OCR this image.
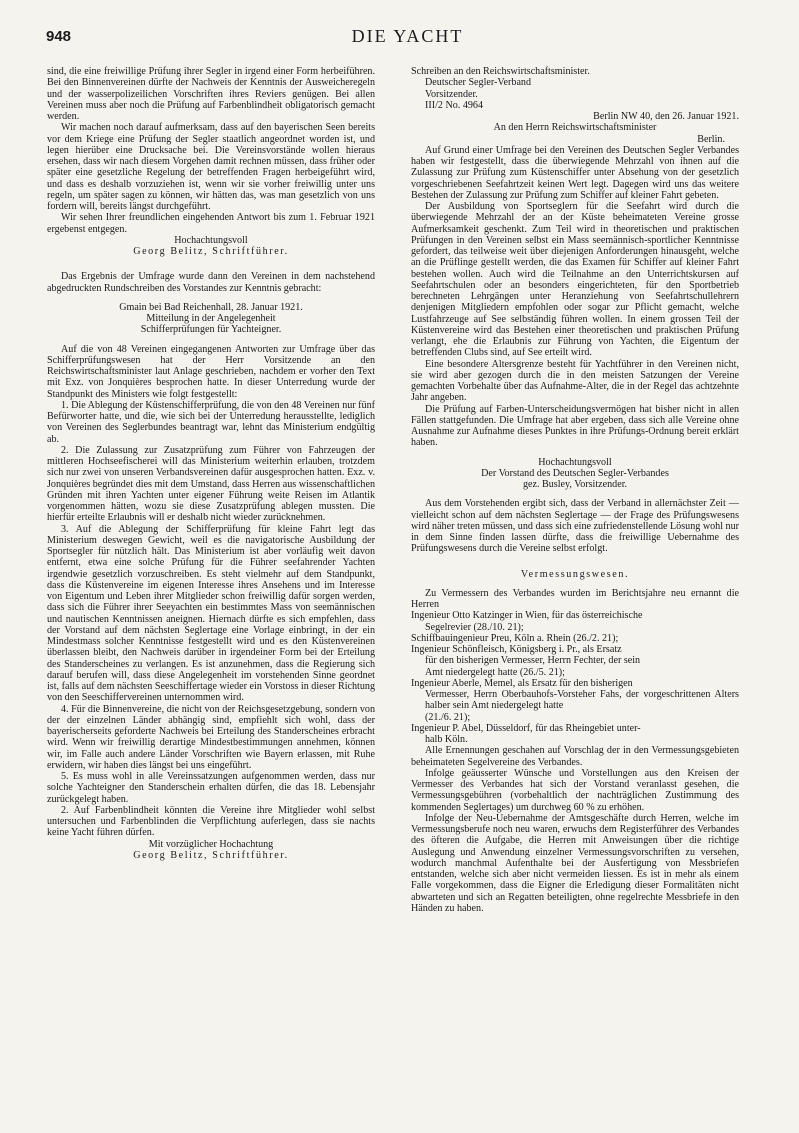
948	DIE YACHT

sind, die eine freiwillige Prüfung ihrer Segler in irgend einer Form herbeiführen. Bei den Binnenvereinen dürfte der Nachweis der Kenntnis der Ausweicheregeln und der wasserpolizeilichen Vorschriften ihres Reviers genügen. Bei allen Vereinen muss aber noch die Prüfung auf Farbenblindheit obligatorisch gemacht werden.

Wir machen noch darauf aufmerksam, dass auf den bayerischen Seen bereits vor dem Kriege eine Prüfung der Segler staatlich angeordnet worden ist, und legen hierüber eine Drucksache bei. Die Vereinsvorstände wollen hieraus ersehen, dass wir nach diesem Vorgehen damit rechnen müssen, dass früher oder später eine gesetzliche Regelung der betreffenden Fragen herbeigeführt wird, und dass es deshalb vorzuziehen ist, wenn wir sie vorher freiwillig unter uns regeln, um später sagen zu können, wir hätten das, was man gesetzlich von uns fordern will, bereits längst durchgeführt.

Wir sehen Ihrer freundlichen eingehenden Antwort bis zum 1. Februar 1921 ergebenst entgegen.

Hochachtungsvoll
Georg Belitz, Schriftführer.

Das Ergebnis der Umfrage wurde dann den Vereinen in dem nachstehend abgedruckten Rundschreiben des Vorstandes zur Kenntnis gebracht:

Gmain bei Bad Reichenhall, 28. Januar 1921.
Mitteilung in der Angelegenheit
Schifferprüfungen für Yachteigner.

Auf die von 48 Vereinen eingegangenen Antworten zur Umfrage über das Schifferprüfungswesen hat der Herr Vorsitzende an den Reichswirtschaftsminister laut Anlage geschrieben, nachdem er vorher den Text mit Exz. von Jonquières besprochen hatte. In dieser Unterredung wurde der Standpunkt des Ministers wie folgt festgestellt:

1. Die Ablegung der Küstenschifferprüfung, die von den 48 Vereinen nur fünf Befürworter hatte, und die, wie sich bei der Unterredung herausstellte, lediglich von Vereinen des Seglerbundes beantragt war, lehnt das Ministerium endgültig ab.

2. Die Zulassung zur Zusatzprüfung zum Führer von Fahrzeugen der mittleren Hochseefischerei will das Ministerium weiterhin erlauben, trotzdem sich nur zwei von unseren Verbandsvereinen dafür ausgesprochen hatten. Exz. v. Jonquières begründet dies mit dem Umstand, dass Herren aus wissenschaftlichen Gründen mit ihren Yachten unter eigener Führung weite Reisen im Atlantik vorgenommen hätten, wozu sie diese Zusatzprüfung ablegen mussten. Die hierfür erteilte Erlaubnis will er deshalb nicht wieder zurücknehmen.

3. Auf die Ablegung der Schifferprüfung für kleine Fahrt legt das Ministerium deswegen Gewicht, weil es die navigatorische Ausbildung der Sportsegler für nützlich hält. Das Ministerium ist aber vorläufig weit davon entfernt, etwa eine solche Prüfung für die Führer seefahrender Yachten irgendwie gesetzlich vorzuschreiben. Es steht vielmehr auf dem Standpunkt, dass die Küstenvereine im eigenen Interesse ihres Ansehens und im Interesse von Eigentum und Leben ihrer Mitglieder schon freiwillig dafür sorgen werden, dass sich die Führer ihrer Seeyachten ein bestimmtes Mass von seemännischen und nautischen Kenntnissen aneignen. Hiernach dürfte es sich empfehlen, dass der Vorstand auf dem nächsten Seglertage eine Vorlage einbringt, in der ein Mindestmass solcher Kenntnisse festgestellt wird und es den Küstenvereinen überlassen bleibt, den Nachweis darüber in irgendeiner Form bei der Erteilung des Standerscheines zu verlangen. Es ist anzunehmen, dass die Regierung sich darauf berufen will, dass diese Angelegenheit im vorstehenden Sinne geordnet ist, falls auf dem nächsten Seeschiffertage wieder ein Vorstoss in dieser Richtung von den Seeschiffervereinen unternommen wird.

4. Für die Binnenvereine, die nicht von der Reichsgesetzgebung, sondern von der der einzelnen Länder abhängig sind, empfiehlt sich wohl, dass der bayerischerseits geforderte Nachweis bei Erteilung des Standerscheines erbracht wird. Wenn wir freiwillig derartige Mindestbestimmungen annehmen, können wir, im Falle auch andere Länder Vorschriften wie Bayern erlassen, mit Ruhe erwidern, wir haben dies längst bei uns eingeführt.

5. Es muss wohl in alle Vereinssatzungen aufgenommen werden, dass nur solche Yachteigner den Standerschein erhalten dürfen, die das 18. Lebensjahr zurückgelegt haben.

2. Auf Farbenblindheit könnten die Vereine ihre Mitglieder wohl selbst untersuchen und Farbenblinden die Verpflichtung auferlegen, dass sie nachts keine Yacht führen dürfen.

Mit vorzüglicher Hochachtung
Georg Belitz, Schriftführer.
Schreiben an den Reichswirtschaftsminister.
Deutscher Segler-Verband
Vorsitzender.
III/2 No. 4964
Berlin NW 40, den 26. Januar 1921.
An den Herrn Reichswirtschaftsminister
Berlin.

Auf Grund einer Umfrage bei den Vereinen des Deutschen Segler Verbandes haben wir festgestellt, dass die überwiegende Mehrzahl von ihnen auf die Zulassung zur Prüfung zum Küstenschiffer unter Absehung von der gesetzlich vorgeschriebenen Seefahrtzeit keinen Wert legt. Dagegen wird uns das weitere Bestehen der Zulassung zur Prüfung zum Schiffer auf kleiner Fahrt gebeten.

Der Ausbildung von Sportseglern für die Seefahrt wird durch die überwiegende Mehrzahl der an der Küste beheimateten Vereine grosse Aufmerksamkeit geschenkt. Zum Teil wird in theoretischen und praktischen Prüfungen in den Vereinen selbst ein Mass seemännisch-sportlicher Kenntnisse gefordert, das teilweise weit über diejenigen Anforderungen hinausgeht, welche an die Prüflinge gestellt werden, die das Examen für Schiffer auf kleiner Fahrt bestehen wollen. Auch wird die Teilnahme an den Unterrichtskursen auf Seefahrtschulen oder an besonders eingerichteten, für den Sportbetrieb berechneten Lehrgängen unter Heranziehung von Seefahrtschullehrern denjenigen Mitgliedern empfohlen oder sogar zur Pflicht gemacht, welche Lustfahrzeuge auf See selbständig führen wollen. In einem grossen Teil der Küstenvereine wird das Bestehen einer theoretischen und praktischen Prüfung verlangt, ehe die Erlaubnis zur Führung von Yachten, die Eigentum der betreffenden Clubs sind, auf See erteilt wird.

Eine besondere Altersgrenze besteht für Yachtführer in den Vereinen nicht, sie wird aber gezogen durch die in den meisten Satzungen der Vereine gemachten Vorbehalte über das Aufnahme-Alter, die in der Regel das achtzehnte Jahr angeben.

Die Prüfung auf Farben-Unterscheidungsvermögen hat bisher nicht in allen Fällen stattgefunden. Die Umfrage hat aber ergeben, dass sich alle Vereine ohne Ausnahme zur Aufnahme dieses Punktes in ihre Prüfungs-Ordnung bereit erklärt haben.

Hochachtungsvoll
Der Vorstand des Deutschen Segler-Verbandes
gez. Busley, Vorsitzender.

Aus dem Vorstehenden ergibt sich, dass der Verband in allernächster Zeit — vielleicht schon auf dem nächsten Seglertage — der Frage des Prüfungswesens wird näher treten müssen, und dass sich eine zufriedenstellende Lösung wohl nur in dem Sinne finden lassen dürfte, dass die freiwillige Uebernahme des Prüfungswesens durch die Vereine selbst erfolgt.

Vermessungswesen.

Zu Vermessern des Verbandes wurden im Berichtsjahre neu ernannt die Herren

Ingenieur Otto Katzinger in Wien, für das österreichische
Segelrevier (28./10. 21);
Schiffbauingenieur Preu, Köln a. Rhein (26./2. 21);
Ingenieur Schönfleisch, Königsberg i. Pr., als Ersatz
für den bisherigen Vermesser, Herrn Fechter, der sein
Amt niedergelegt hatte (26./5. 21);
Ingenieur Aberle, Memel, als Ersatz für den bisherigen

Vermesser, Herrn Oberbauhofs-Vorsteher Fahs, der vorgeschrittenen Alters halber sein Amt niedergelegt hatte

(21./6. 21);
Ingenieur P. Abel, Düsseldorf, für das Rheingebiet unter-
halb Köln.

Alle Ernennungen geschahen auf Vorschlag der in den Vermessungsgebieten beheimateten Segelvereine des Verbandes.

Infolge geäusserter Wünsche und Vorstellungen aus den Kreisen der Vermesser des Verbandes hat sich der Vorstand veranlasst gesehen, die Vermessungsgebühren (vorbehaltlich der nachträglichen Zustimmung des kommenden Seglertages) um durchweg 60 % zu erhöhen.

Infolge der Neu-Uebernahme der Amtsgeschäfte durch Herren, welche im Vermessungsberufe noch neu waren, erwuchs dem Registerführer des Verbandes des öfteren die Aufgabe, die Herren mit Anweisungen über die richtige Auslegung und Anwendung einzelner Vermessungsvorschriften zu versehen, wodurch manchmal Aufenthalte bei der Ausfertigung von Messbriefen entstanden, welche sich aber nicht vermeiden liessen. Es ist in mehr als einem Falle vorgekommen, dass die Eigner die Erledigung dieser Formalitäten nicht abwarteten und sich an Regatten beteiligten, ohne regelrechte Messbriefe in den Händen zu haben.
